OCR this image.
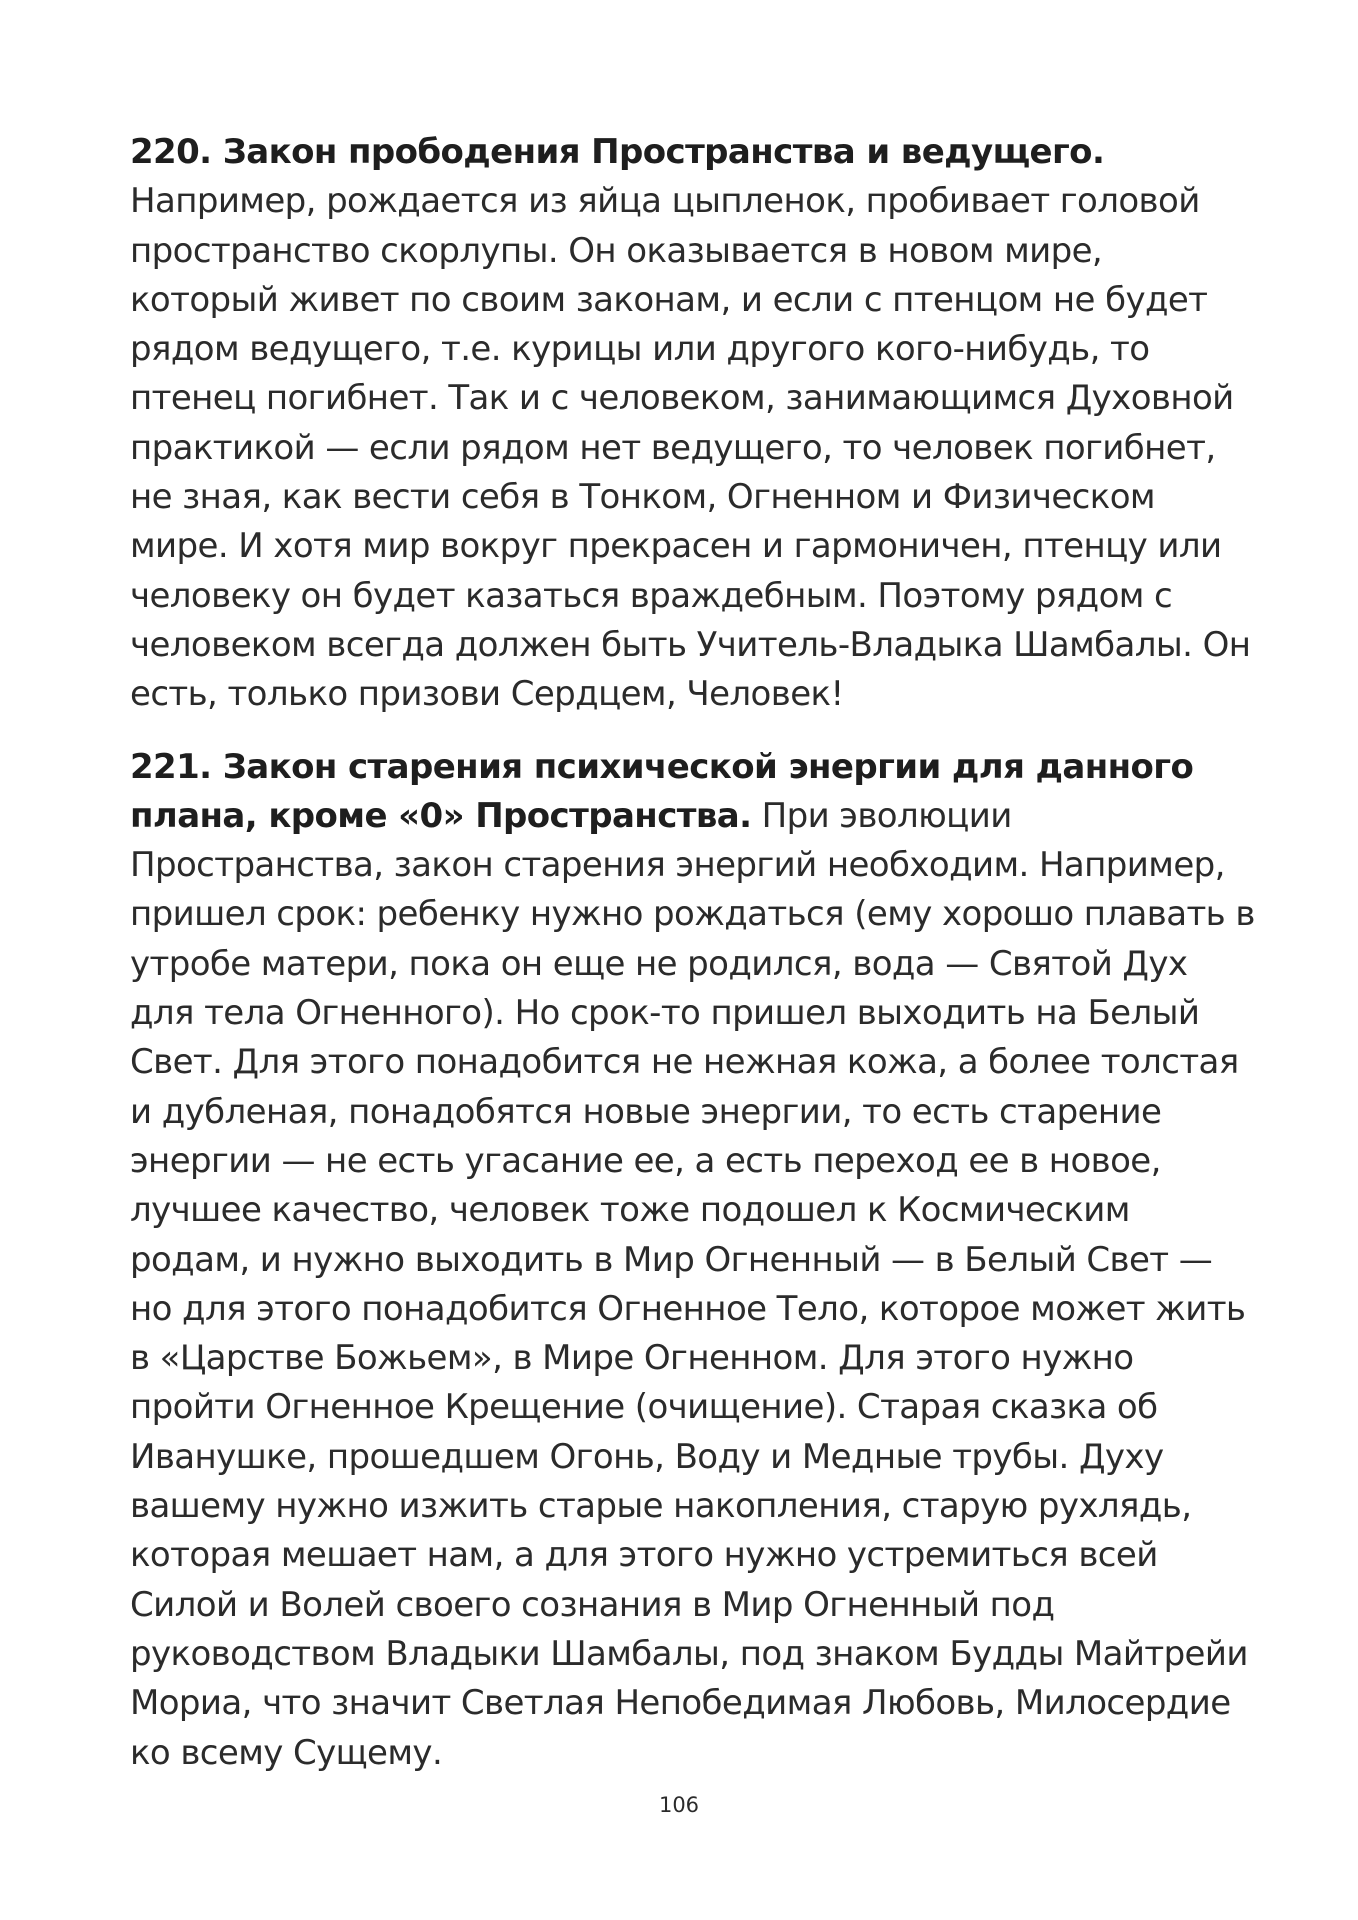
220. Закон прободения Пространства и ведущего. Например, рождается из яйца цыпленок, пробивает головой пространство скорлупы. Он оказывается в новом мире, который живет по своим законам, и если с птенцом не будет рядом ведущего, т.е. курицы или другого кого-нибудь, то птенец погибнет. Так и с человеком, занимающимся Духовной практикой — если рядом нет ведущего, то человек погибнет, не зная, как вести себя в Тонком, Огненном и Физическом мире. И хотя мир вокруг прекрасен и гармоничен, птенцу или человеку он будет казаться враждебным. Поэтому рядом с человеком всегда должен быть Учитель-Владыка Шамбалы. Он есть, только призови Сердцем, Человек!

221. Закон старения психической энергии для данного плана, кроме «0» Пространства. При эволюции Пространства, закон старения энергий необходим. Например, пришел срок: ребенку нужно рождаться (ему хорошо плавать в утробе матери, пока он еще не родился, вода — Святой Дух для тела Огненного). Но срок-то пришел выходить на Белый Свет. Для этого понадобится не нежная кожа, а более толстая и дубленая, понадобятся новые энергии, то есть старение энергии — не есть угасание ее, а есть переход ее в новое, лучшее качество, человек тоже подошел к Космическим родам, и нужно выходить в Мир Огненный — в Белый Свет — но для этого понадобится Огненное Тело, которое может жить в «Царстве Божьем», в Мире Огненном. Для этого нужно пройти Огненное Крещение (очищение). Старая сказка об Иванушке, прошедшем Огонь, Воду и Медные трубы. Духу вашему нужно изжить старые накопления, старую рухлядь, которая мешает нам, а для этого нужно устремиться всей Силой и Волей своего сознания в Мир Огненный под руководством Владыки Шамбалы, под знаком Будды Майтрейи Мориа, что значит Светлая Непобедимая Любовь, Милосердие ко всему Сущему.

106
